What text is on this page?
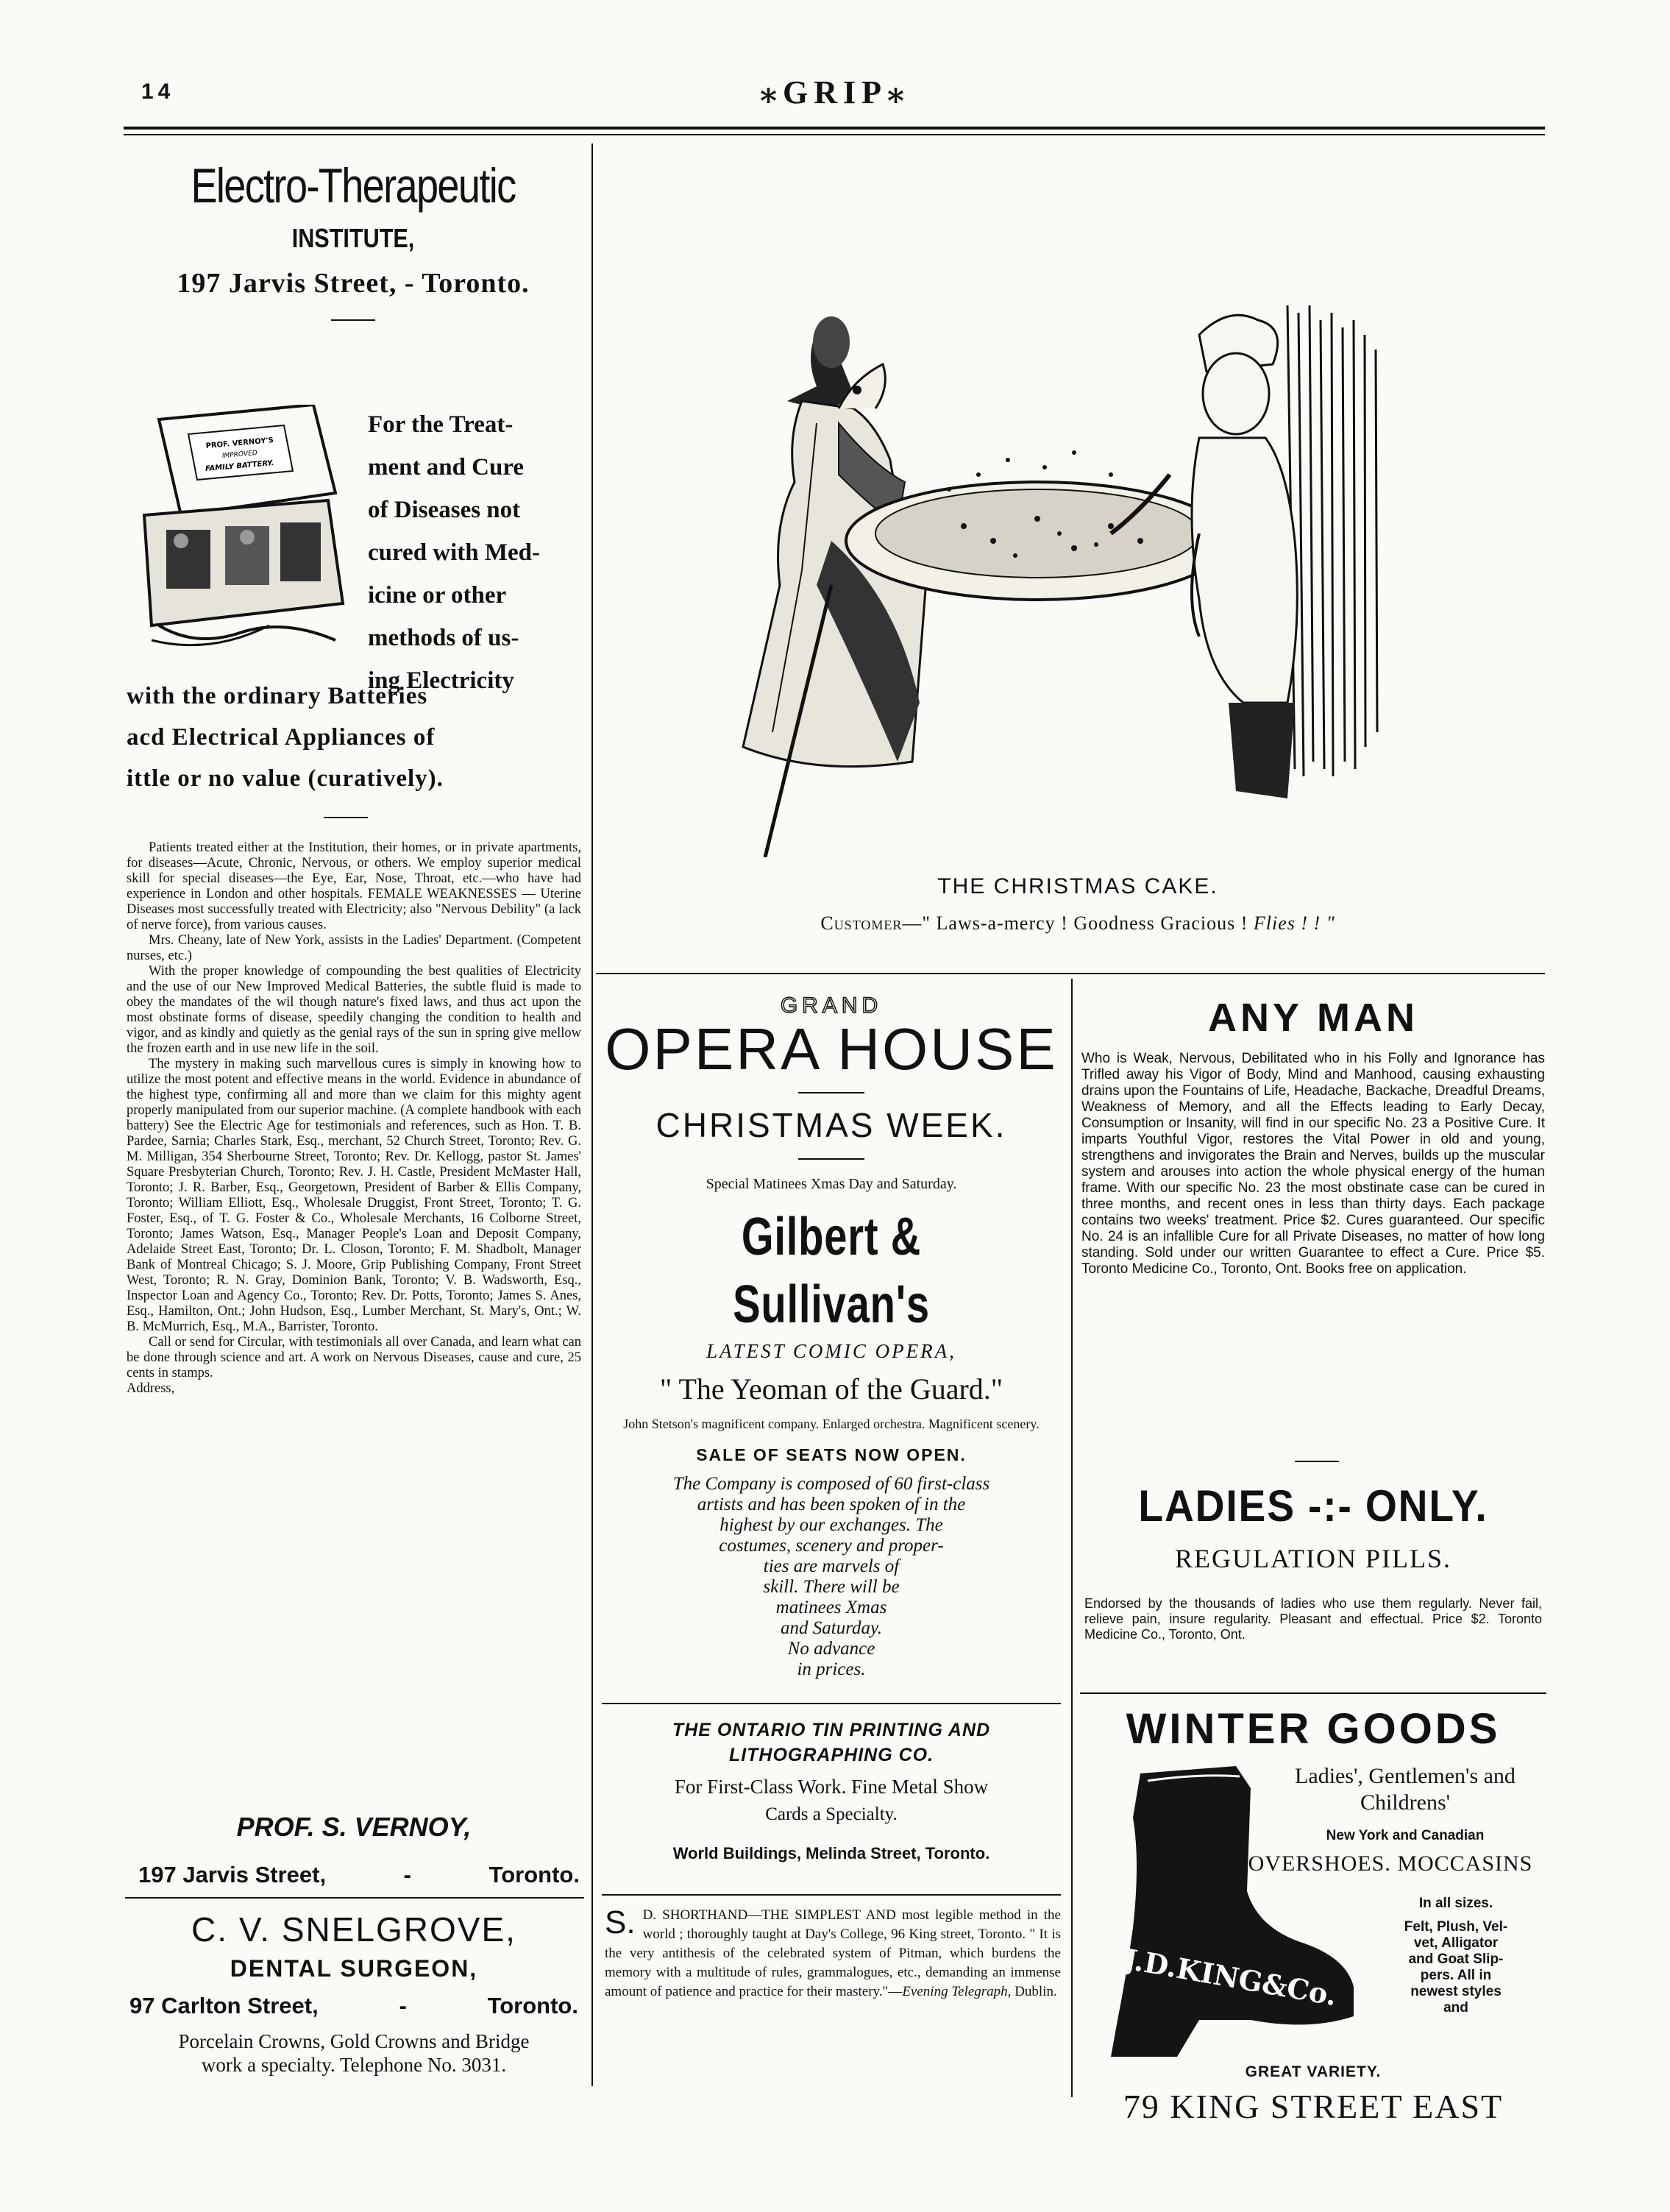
14	⁎GRIP⁎
Electro-Therapeutic
INSTITUTE,
197 Jarvis Street, - Toronto.
PROF. VERNOY'S
IMPROVED
FAMILY BATTERY.
For the Treat-
ment and Cure
of Diseases not
cured with Med-
icine or other
methods of us-
ing Electricity
with the ordinary Batteries
acd Electrical Appliances of
ittle or no value (curatively).
Patients treated either at the Institution, their homes, or in private apartments, for diseases—Acute, Chronic, Nervous, or others. We employ superior medical skill for special diseases—the Eye, Ear, Nose, Throat, etc.—who have had experience in London and other hospitals. FEMALE WEAKNESSES — Uterine Diseases most successfully treated with Electricity; also "Nervous Debility" (a lack of nerve force), from various causes.
Mrs. Cheany, late of New York, assists in the Ladies' Department. (Competent nurses, etc.)
With the proper knowledge of compounding the best qualities of Electricity and the use of our New Improved Medical Batteries, the subtle fluid is made to obey the mandates of the wil though nature's fixed laws, and thus act upon the most obstinate forms of disease, speedily changing the condition to health and vigor, and as kindly and quietly as the genial rays of the sun in spring give mellow the frozen earth and in use new life in the soil.
The mystery in making such marvellous cures is simply in knowing how to utilize the most potent and effective means in the world. Evidence in abundance of the highest type, confirming all and more than we claim for this mighty agent properly manipulated from our superior machine. (A complete handbook with each battery) See the Electric Age for testimonials and references, such as Hon. T. B. Pardee, Sarnia; Charles Stark, Esq., merchant, 52 Church Street, Toronto; Rev. G. M. Milligan, 354 Sherbourne Street, Toronto; Rev. Dr. Kellogg, pastor St. James' Square Presbyterian Church, Toronto; Rev. J. H. Castle, President McMaster Hall, Toronto; J. R. Barber, Esq., Georgetown, President of Barber & Ellis Company, Toronto; William Elliott, Esq., Wholesale Druggist, Front Street, Toronto; T. G. Foster, Esq., of T. G. Foster & Co., Wholesale Merchants, 16 Colborne Street, Toronto; James Watson, Esq., Manager People's Loan and Deposit Company, Adelaide Street East, Toronto; Dr. L. Closon, Toronto; F. M. Shadbolt, Manager Bank of Montreal Chicago; S. J. Moore, Grip Publishing Company, Front Street West, Toronto; R. N. Gray, Dominion Bank, Toronto; V. B. Wadsworth, Esq., Inspector Loan and Agency Co., Toronto; Rev. Dr. Potts, Toronto; James S. Anes, Esq., Hamilton, Ont.; John Hudson, Esq., Lumber Merchant, St. Mary's, Ont.; W. B. McMurrich, Esq., M.A., Barrister, Toronto.
Call or send for Circular, with testimonials all over Canada, and learn what can be done through science and art. A work on Nervous Diseases, cause and cure, 25 cents in stamps.
Address,
PROF. S. VERNOY,
197 Jarvis Street,	-	Toronto.
C. V. SNELGROVE,
DENTAL SURGEON,
97 Carlton Street,	-	Toronto.
Porcelain Crowns, Gold Crowns and Bridge
work a specialty. Telephone No. 3031.
THE CHRISTMAS CAKE.
Customer—" Laws-a-mercy ! Goodness Gracious ! Flies ! ! "
GRAND
OPERA HOUSE
CHRISTMAS WEEK.
Special Matinees Xmas Day and Saturday.
Gilbert & Sullivan's
LATEST COMIC OPERA,
" The Yeoman of the Guard."
John Stetson's magnificent company. Enlarged orchestra. Magnificent scenery.
SALE OF SEATS NOW OPEN.
The Company is composed of 60 first-class
artists and has been spoken of in the
highest by our exchanges. The
costumes, scenery and proper-
ties are marvels of
skill. There will be
matinees Xmas
and Saturday.
No advance
in prices.
THE ONTARIO TIN PRINTING AND
LITHOGRAPHING CO.
For First-Class Work. Fine Metal Show
Cards a Specialty.
World Buildings, Melinda Street, Toronto.
S. D. SHORTHAND—THE SIMPLEST AND most legible method in the world ; thoroughly taught at Day's College, 96 King street, Toronto. " It is the very antithesis of the celebrated system of Pitman, which burdens the memory with a multitude of rules, grammalogues, etc., demanding an immense amount of patience and practice for their mastery."—Evening Telegraph, Dublin.
ANY MAN
Who is Weak, Nervous, Debilitated who in his Folly and Ignorance has Trifled away his Vigor of Body, Mind and Manhood, causing exhausting drains upon the Fountains of Life, Headache, Backache, Dreadful Dreams, Weakness of Memory, and all the Effects leading to Early Decay, Consumption or Insanity, will find in our specific No. 23 a Positive Cure. It imparts Youthful Vigor, restores the Vital Power in old and young, strengthens and invigorates the Brain and Nerves, builds up the muscular system and arouses into action the whole physical energy of the human frame. With our specific No. 23 the most obstinate case can be cured in three months, and recent ones in less than thirty days. Each package contains two weeks' treatment. Price $2. Cures guaranteed. Our specific No. 24 is an infallible Cure for all Private Diseases, no matter of how long standing. Sold under our written Guarantee to effect a Cure. Price $5. Toronto Medicine Co., Toronto, Ont. Books free on application.
LADIES -:- ONLY.
REGULATION PILLS.
Endorsed by the thousands of ladies who use them regularly. Never fail, relieve pain, insure regularity. Pleasant and effectual. Price $2. Toronto Medicine Co., Toronto, Ont.
WINTER GOODS
Ladies', Gentlemen's and
Childrens'
New York and Canadian
OVERSHOES. MOCCASINS
J.D.KING&Co.
In all sizes.
Felt, Plush, Vel-
vet, Alligator
and Goat Slip-
pers. All in
newest styles
and
GREAT VARIETY.
79 KING STREET EAST
